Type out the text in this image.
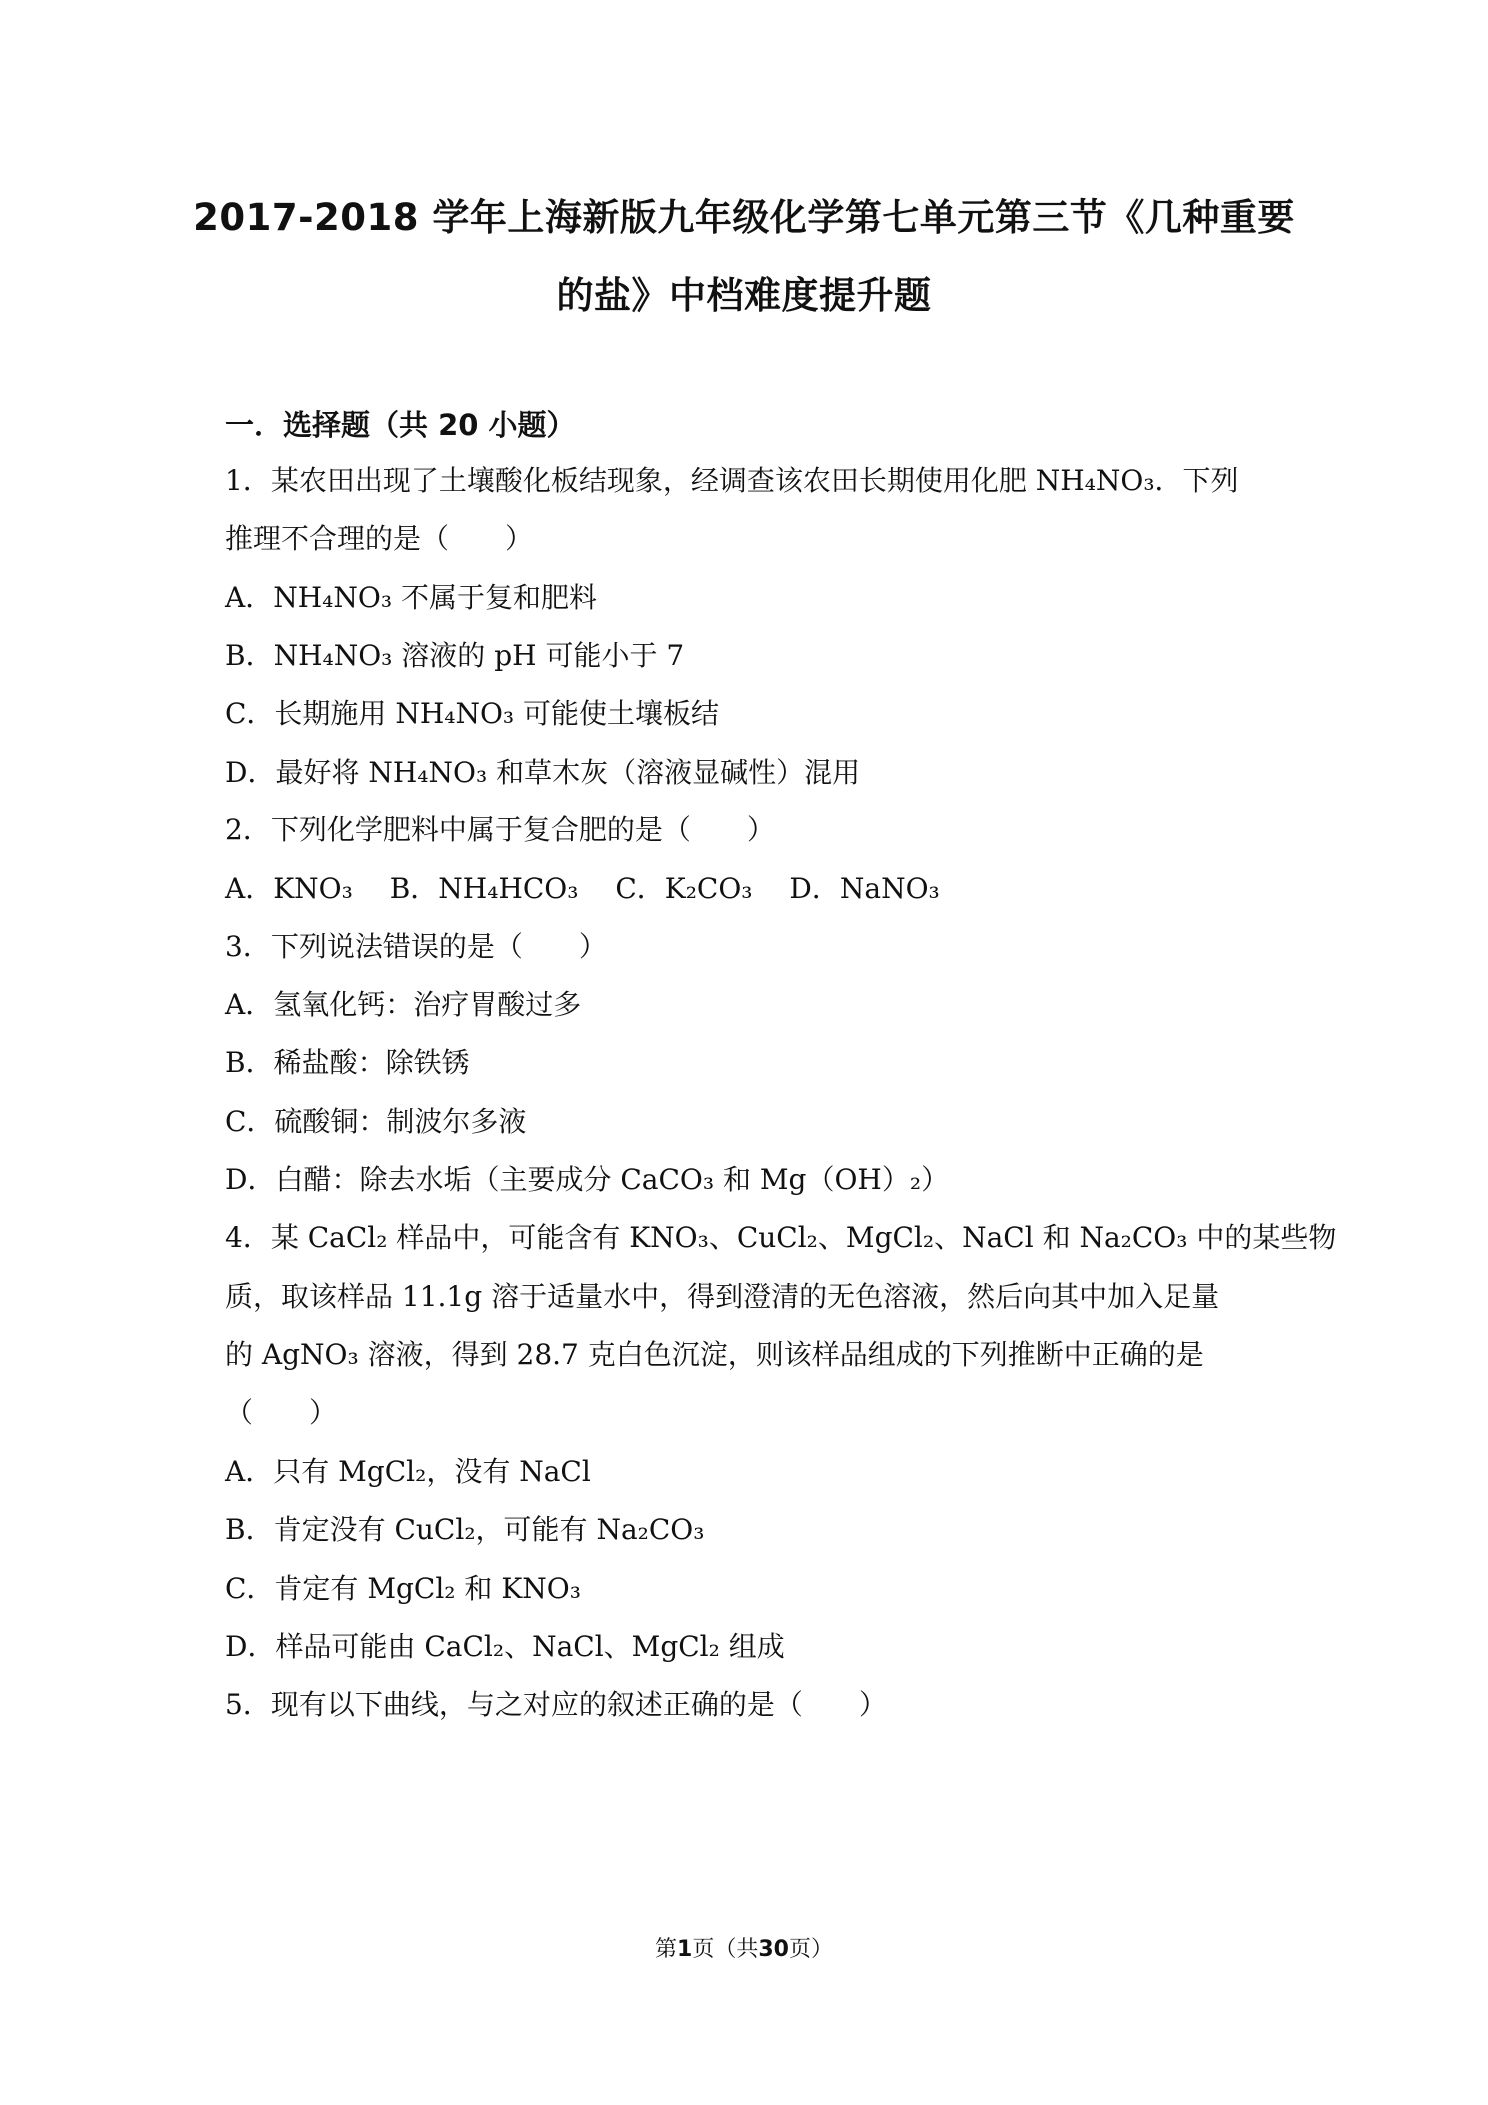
2017-2018 学年上海新版九年级化学第七单元第三节《几种重要
的盐》中档难度提升题
一．选择题（共 20 小题）
1．某农田出现了土壤酸化板结现象，经调查该农田长期使用化肥 NH₄NO₃．下列
推理不合理的是（　　）
A．NH₄NO₃ 不属于复和肥料
B．NH₄NO₃ 溶液的 pH 可能小于 7
C．长期施用 NH₄NO₃ 可能使土壤板结
D．最好将 NH₄NO₃ 和草木灰（溶液显碱性）混用
2．下列化学肥料中属于复合肥的是（　　）
A．KNO₃　 B．NH₄HCO₃　 C．K₂CO₃　 D．NaNO₃
3．下列说法错误的是（　　）
A．氢氧化钙：治疗胃酸过多
B．稀盐酸：除铁锈
C．硫酸铜：制波尔多液
D．白醋：除去水垢（主要成分 CaCO₃ 和 Mg（OH）₂）
4．某 CaCl₂ 样品中，可能含有 KNO₃、CuCl₂、MgCl₂、NaCl 和 Na₂CO₃ 中的某些物
质，取该样品 11.1g 溶于适量水中，得到澄清的无色溶液，然后向其中加入足量
的 AgNO₃ 溶液，得到 28.7 克白色沉淀，则该样品组成的下列推断中正确的是
（　　）
A．只有 MgCl₂，没有 NaCl
B．肯定没有 CuCl₂，可能有 Na₂CO₃
C．肯定有 MgCl₂ 和 KNO₃
D．样品可能由 CaCl₂、NaCl、MgCl₂ 组成
5．现有以下曲线，与之对应的叙述正确的是（　　）
第1页（共30页）
